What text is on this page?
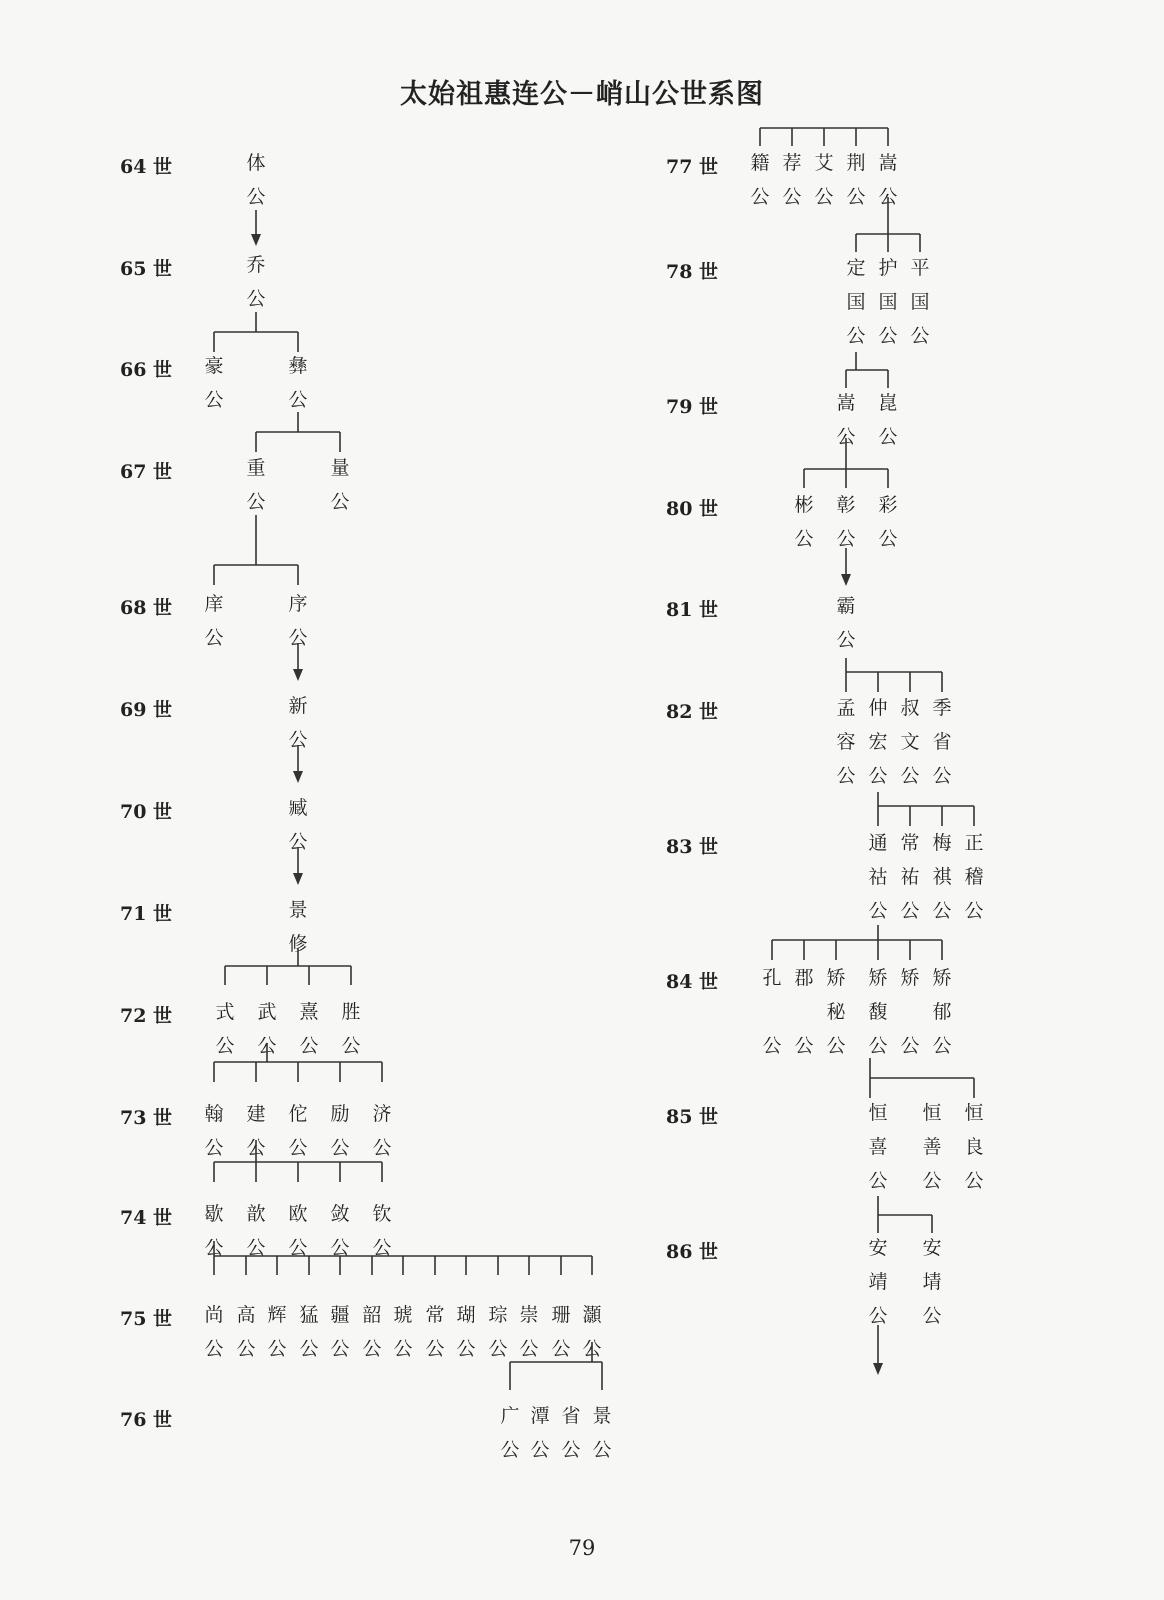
太始祖惠连公－峭山公世系图
64 世
65 世
66 世
67 世
68 世
69 世
70 世
71 世
72 世
73 世
74 世
75 世
76 世
77 世
78 世
79 世
80 世
81 世
82 世
83 世
84 世
85 世
86 世
体
公
乔
公
豪
公
彝
公
重
公
量
公
庠
公
序
公
新
公
臧
公
景
修
式
公
武
公
熹
公
胜
公
翰
公
建
公
佗
公
励
公
济
公
歇
公
歆
公
欧
公
敛
公
钦
公
尚
公
高
公
辉
公
猛
公
疆
公
韶
公
琥
公
常
公
瑚
公
琮
公
崇
公
珊
公
灝
公
广
公
潭
公
省
公
景
公
籍
公
荐
公
艾
公
荆
公
嵩
公
定
国
公
护
国
公
平
国
公
嵩
公
崑
公
彬
公
彰
公
彩
公
霸
公
孟
容
公
仲
宏
公
叔
文
公
季
省
公
通
祜
公
常
祐
公
梅
祺
公
正
稽
公
孔
公
郡
公
矫
秘
公
矫
馥
公
矫
公
矫
郁
公
恒
喜
公
恒
善
公
恒
良
公
安
靖
公
安
埥
公
79
